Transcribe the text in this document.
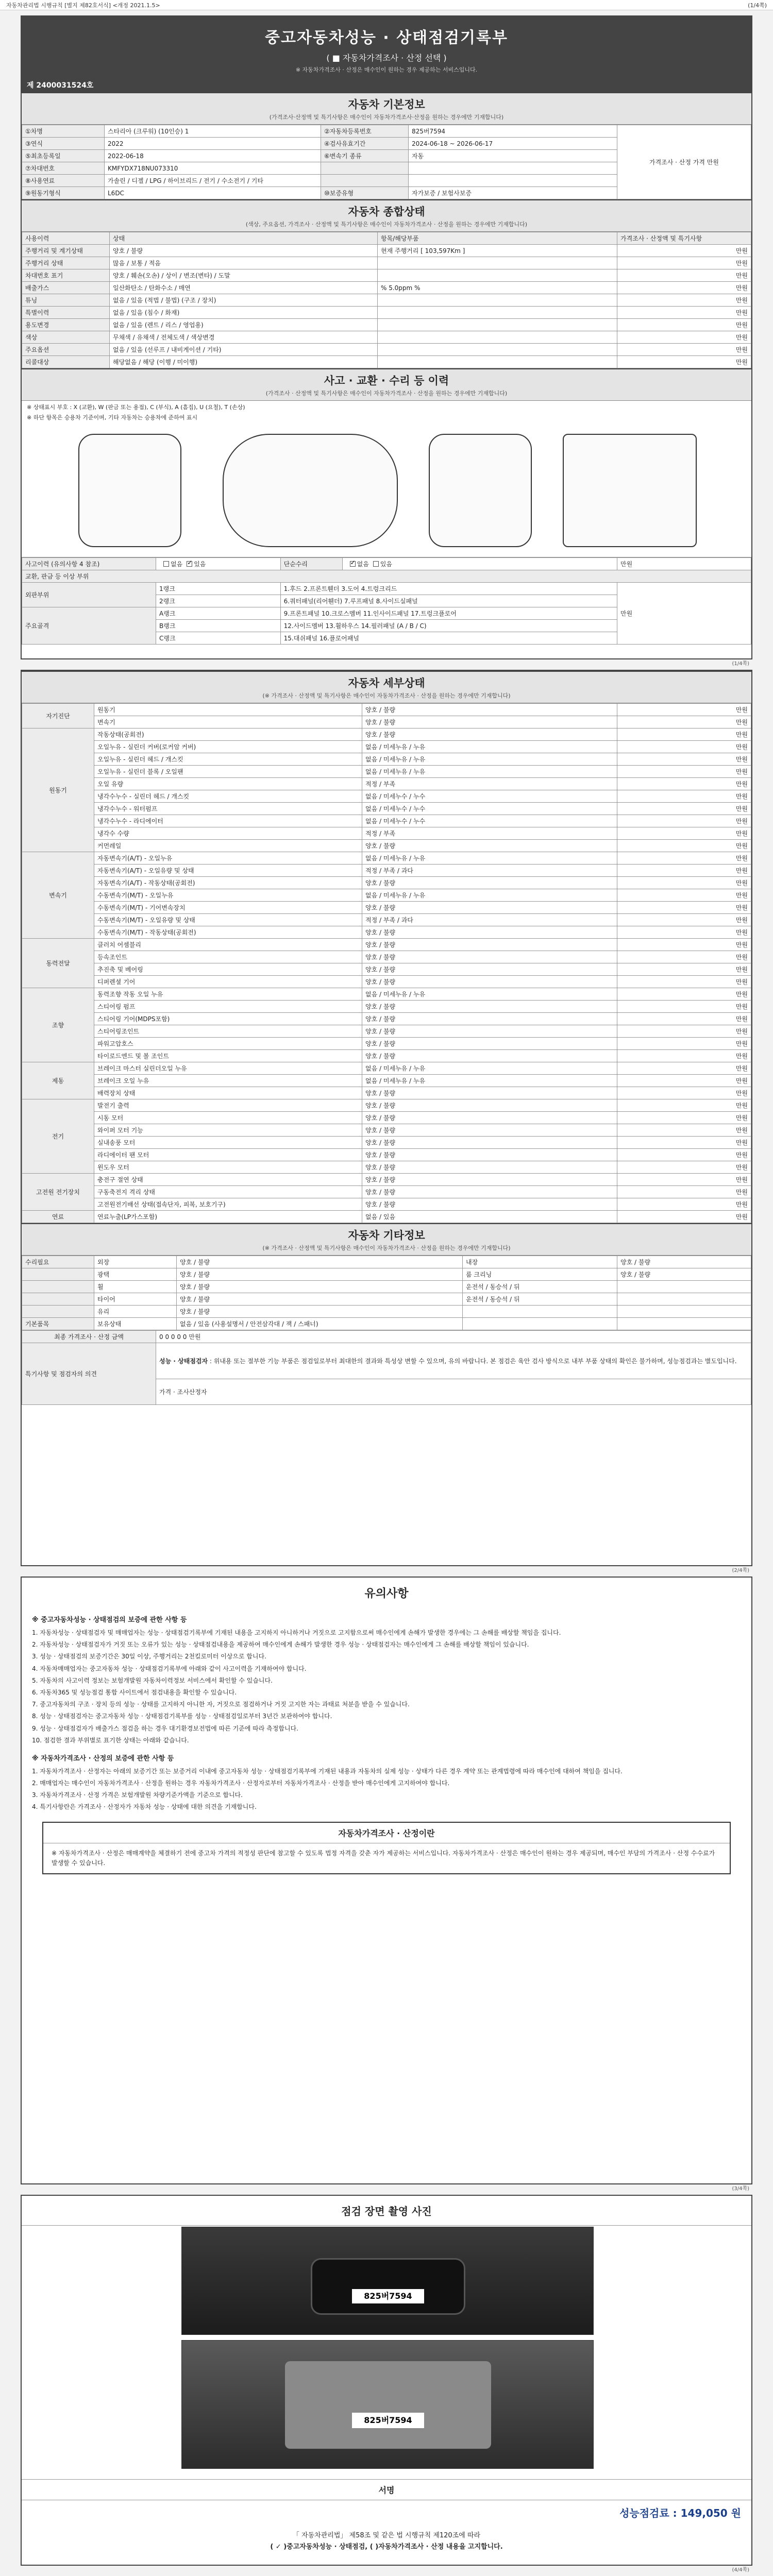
자동차관리법 시행규칙 [별지 제82호서식] <개정 2021.1.5>	(1/4쪽)
중고자동차성능 · 상태점검기록부
( ■ 자동차가격조사 · 산정 선택 )
※ 자동차가격조사 · 산정은 매수인이 원하는 경우 제공하는 서비스입니다.
제 2400031524호
자동차 기본정보
(가격조사·산정액 및 특기사항은 매수인이 자동차가격조사·산정을 원하는 경우에만 기재합니다)
①차명	스타리아 (크루워) (10인승) 1	②자동차등록번호	825버7594	가격조사 · 산정 가격 만원
③연식	2022	④검사유효기간	2024-06-18 ~ 2026-06-17	
⑤최초등록일	2022-06-18	⑥변속기 종류	자동	
⑦차대번호	KMFYDX718NU073310			
⑧사용연료	가솔린 / 디젤 / LPG / 하이브리드 / 전기 / 수소전기 / 기타			
⑨원동기형식	L6DC	⑩보증유형	자가보증 / 보험사보증	
자동차 종합상태
(색상, 주요옵션, 가격조사 · 산정액 및 특기사항은 매수인이 자동차가격조사 · 산정을 원하는 경우에만 기재합니다)
사용이력	상태	항목/해당부품	가격조사 · 산정액 및 특기사항
주행거리 및 계기상태	양호 / 불량	현재 주행거리 [ 103,597Km ]	만원
주행거리 상태	많음 / 보통 / 적음		만원
차대번호 표기	양호 / 훼손(오손) / 상이 / 변조(변타) / 도말		만원
배출가스	일산화탄소 / 탄화수소 / 매연	% 5.0ppm %	만원
튜닝	없음 / 있음 (적법 / 불법) (구조 / 장치)		만원
특별이력	없음 / 있음 (침수 / 화재)		만원
용도변경	없음 / 있음 (렌트 / 리스 / 영업용)		만원
색상	무채색 / 유채색 / 전체도색 / 색상변경		만원
주요옵션	없음 / 있음 (선루프 / 내비게이션 / 기타)		만원
리콜대상	해당없음 / 해당 (이행 / 미이행)		만원
사고 · 교환 · 수리 등 이력
(가격조사 · 산정액 및 특기사항은 매수인이 자동차가격조사 · 산정을 원하는 경우에만 기재합니다)
※ 상태표시 부호 : X (교환), W (판금 또는 용접), C (부식), A (흠집), U (요철), T (손상)
※ 하단 항목은 승용차 기준이며, 기타 자동차는 승용차에 준하여 표시
사고이력 (유의사항 4 참조)	없음 ✓ 있음	단순수리	✓없음 있음	만원
교환, 판금 등 이상 부위				
외판부위	1랭크	1.후드 2.프론트휀더 3.도어 4.트렁크리드		만원
	2랭크	6.쿼터패널(리어휀더) 7.루프패널 8.사이드실패널		
주요골격	A랭크	9.프론트패널 10.크로스멤버 11.인사이드패널 17.트렁크플로어		
	B랭크	12.사이드멤버 13.휠하우스 14.필러패널 (A / B / C)		
	C랭크	15.대쉬패널 16.플로어패널		
(1/4쪽)
자동차 세부상태
(※ 가격조사 · 산정액 및 특기사항은 매수인이 자동차가격조사 · 산정을 원하는 경우에만 기재합니다)
자기진단	원동기	양호 / 불량	만원
	변속기	양호 / 불량	만원
원동기	작동상태(공회전)	양호 / 불량	만원
	오일누유 - 실린더 커버(로커암 커버)	없음 / 미세누유 / 누유	만원
	오일누유 - 실린더 헤드 / 개스킷	없음 / 미세누유 / 누유	만원
	오일누유 - 실린더 블록 / 오일팬	없음 / 미세누유 / 누유	만원
	오일 유량	적정 / 부족	만원
	냉각수누수 - 실린더 헤드 / 개스킷	없음 / 미세누수 / 누수	만원
	냉각수누수 - 워터펌프	없음 / 미세누수 / 누수	만원
	냉각수누수 - 라디에이터	없음 / 미세누수 / 누수	만원
	냉각수 수량	적정 / 부족	만원
	커먼레일	양호 / 불량	만원
변속기	자동변속기(A/T) - 오일누유	없음 / 미세누유 / 누유	만원
	자동변속기(A/T) - 오일유량 및 상태	적정 / 부족 / 과다	만원
	자동변속기(A/T) - 작동상태(공회전)	양호 / 불량	만원
	수동변속기(M/T) - 오일누유	없음 / 미세누유 / 누유	만원
	수동변속기(M/T) - 기어변속장치	양호 / 불량	만원
	수동변속기(M/T) - 오일유량 및 상태	적정 / 부족 / 과다	만원
	수동변속기(M/T) - 작동상태(공회전)	양호 / 불량	만원
동력전달	클러치 어셈블리	양호 / 불량	만원
	등속조인트	양호 / 불량	만원
	추진축 및 베어링	양호 / 불량	만원
	디퍼렌셜 기어	양호 / 불량	만원
조향	동력조향 작동 오일 누유	없음 / 미세누유 / 누유	만원
	스티어링 펌프	양호 / 불량	만원
	스티어링 기어(MDPS포함)	양호 / 불량	만원
	스티어링조인트	양호 / 불량	만원
	파워고압호스	양호 / 불량	만원
	타이로드엔드 및 볼 조인트	양호 / 불량	만원
제동	브레이크 마스터 실린더오일 누유	없음 / 미세누유 / 누유	만원
	브레이크 오일 누유	없음 / 미세누유 / 누유	만원
	배력장치 상태	양호 / 불량	만원
전기	발전기 출력	양호 / 불량	만원
	시동 모터	양호 / 불량	만원
	와이퍼 모터 기능	양호 / 불량	만원
	실내송풍 모터	양호 / 불량	만원
	라디에이터 팬 모터	양호 / 불량	만원
	윈도우 모터	양호 / 불량	만원
고전원 전기장치	충전구 절연 상태	양호 / 불량	만원
	구동축전지 격리 상태	양호 / 불량	만원
	고전원전기배선 상태(접속단자, 피복, 보호기구)	양호 / 불량	만원
연료	연료누출(LP가스포함)	없음 / 있음	만원
자동차 기타정보
(※ 가격조사 · 산정액 및 특기사항은 매수인이 자동차가격조사 · 산정을 원하는 경우에만 기재합니다)
수리필요	외장	양호 / 불량	내장	양호 / 불량
	광택	양호 / 불량	룸 크리닝	양호 / 불량
	휠	양호 / 불량	운전석 / 동승석 / 뒤	
	타이어	양호 / 불량	운전석 / 동승석 / 뒤	
	유리	양호 / 불량		
기본품목	보유상태	없음 / 있음 (사용설명서 / 안전삼각대 / 잭 / 스패너)		
최종 가격조사 · 산정 금액	0 0 0 0 0 만원
특기사항 및 점검자의 의견	성능 · 상태점검자 : 위내용 또는 절부한 기능 부품은 점검일로부터 최대한의 결과와 특성상 변할 수 있으며, 유의 바랍니다. 본 점검은 육안 검사 방식으로 내부 부품 상태의 확인은 불가하며, 성능점검과는 별도입니다.
	가격 · 조사산정자
(2/4쪽)
유의사항
※ 중고자동차성능 · 상태점검의 보증에 관한 사항 등

1. 자동차성능 · 상태점검자 및 매매업자는 성능 · 상태점검기록부에 기재된 내용을 고지하지 아니하거나 거짓으로 고지함으로써 매수인에게 손해가 발생한 경우에는 그 손해를 배상할 책임을 집니다.

2. 자동차성능 · 상태점검자가 거짓 또는 오류가 있는 성능 · 상태점검내용을 제공하여 매수인에게 손해가 발생한 경우 성능 · 상태점검자는 매수인에게 그 손해를 배상할 책임이 있습니다.

3. 성능 · 상태점검의 보증기간은 30일 이상, 주행거리는 2천킬로미터 이상으로 합니다.

4. 자동차매매업자는 중고자동차 성능 · 상태점검기록부에 아래와 같이 사고이력을 기재하여야 합니다.

5. 자동차의 사고이력 정보는 보험개발원 자동차이력정보 서비스에서 확인할 수 있습니다.

6. 자동차365 및 성능점검 통합 사이트에서 점검내용을 확인할 수 있습니다.

7. 중고자동차의 구조 · 장치 등의 성능 · 상태를 고지하지 아니한 자, 거짓으로 점검하거나 거짓 고지한 자는 과태료 처분을 받을 수 있습니다.

8. 성능 · 상태점검자는 중고자동차 성능 · 상태점검기록부를 성능 · 상태점검일로부터 3년간 보관하여야 합니다.

9. 성능 · 상태점검자가 배출가스 점검을 하는 경우 대기환경보전법에 따른 기준에 따라 측정합니다.

10. 점검한 결과 부위별로 표기한 상태는 아래와 같습니다.

※ 자동차가격조사 · 산정의 보증에 관한 사항 등

1. 자동차가격조사 · 산정자는 아래의 보증기간 또는 보증거리 이내에 중고자동차 성능 · 상태점검기록부에 기재된 내용과 자동차의 실제 성능 · 상태가 다른 경우 계약 또는 관계법령에 따라 매수인에 대하여 책임을 집니다.

2. 매매업자는 매수인이 자동차가격조사 · 산정을 원하는 경우 자동차가격조사 · 산정자로부터 자동차가격조사 · 산정을 받아 매수인에게 고지하여야 합니다.

3. 자동차가격조사 · 산정 가격은 보험개발원 차량기준가액을 기준으로 합니다.

4. 특기사항란은 가격조사 · 산정자가 자동차 성능 · 상태에 대한 의견을 기재합니다.

자동차가격조사 · 산정이란

※ 자동차가격조사 · 산정은 매매계약을 체결하기 전에 중고차 가격의 적정성 판단에 참고할 수 있도록 법정 자격을 갖춘 자가 제공하는 서비스입니다. 자동차가격조사 · 산정은 매수인이 원하는 경우 제공되며, 매수인 부담의 가격조사 · 산정 수수료가 발생할 수 있습니다.

(3/4쪽)
점검 장면 촬영 사진
825버7594
825버7594
서명
성능점검료 : 149,050 원
「 자동차관리법」 제58조 및 같은 법 시행규칙 제120조에 따라
( ✓ )중고자동차성능 · 상태점검, ( )자동차가격조사 · 산정 내용을 고지합니다.
(4/4쪽)
